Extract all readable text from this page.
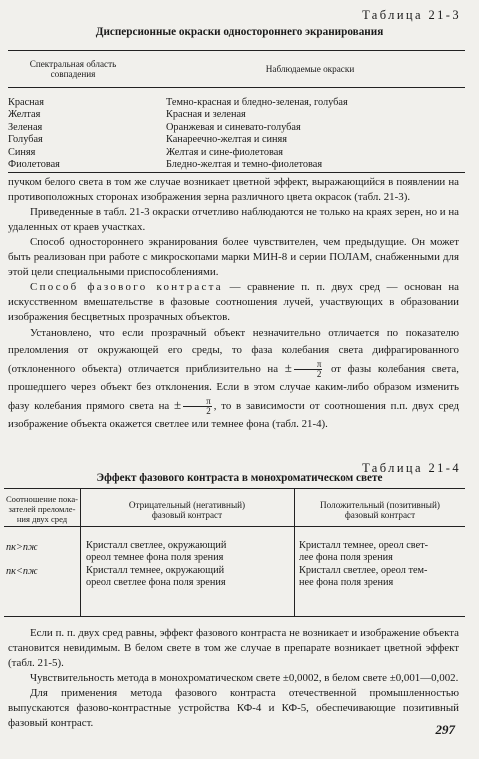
Таблица 21-3
Дисперсионные окраски одностороннего экранирования
Спектральная область
совпадения	Наблюдаемые окраски
Красная
Желтая
Зеленая
Голубая
Синяя
Фиолетовая
Темно-красная и бледно-зеленая, голубая
Красная и зеленая
Оранжевая и синевато-голубая
Канареечно-желтая и синяя
Желтая и сине-фиолетовая
Бледно-желтая и темно-фиолетовая

пучком белого света в том же случае возникает цветной эффект, выражающийся в появлении на противоположных сторонах изображения зерна различного цвета окрасок (табл. 21-3).

Приведенные в табл. 21-3 окраски отчетливо наблюдаются не только на краях зерен, но и на удаленных от краев участках.

Способ одностороннего экранирования более чувствителен, чем предыдущие. Он может быть реализован при работе с микроскопами марки МИН-8 и серии ПОЛАМ, снабженными для этой цели специальными приспособлениями.

Способ фазового контраста — сравнение п. п. двух сред — основан на искусственном вмешательстве в фазовые соотношения лучей, участвующих в образовании изображения бесцветных прозрачных объектов.

Установлено, что если прозрачный объект незначительно отличается по показателю преломления от окружающей его среды, то фаза колебания света дифрагированного (отклоненного объекта) отличается приблизительно на ± $\frac{\pi}{2}$ от фазы колебания света, прошедшего через объект без отклонения. Если в этом случае каким-либо образом изменить фазу колебания прямого света на ± $\frac{\pi}{2}$ , то в зависимости от соотношения п.п. двух сред изображение объекта окажется светлее или темнее фона (табл. 21-4).

Таблица 21-4
Эффект фазового контраста в монохроматическом свете
Соотношение пока-
зателей преломле-
ния двух сред
Отрицательный (негативный)
фазовый контраст
Положительный (позитивный)
фазовый контраст
nк>nж
nк<nж
Кристалл светлее, окружающий
ореол темнее фона поля зрения
Кристалл темнее, окружающий
ореол светлее фона поля зрения
Кристалл темнее, ореол свет-
лее фона поля зрения
Кристалл светлее, ореол тем-
нее фона поля зрения

Если п. п. двух сред равны, эффект фазового контраста не возникает и изображение объекта становится невидимым. В белом свете в том же случае в препарате возникает цветной эффект (табл. 21-5).

Чувствительность метода в монохроматическом свете ±0,0002, в белом свете ±0,001—0,002.

Для применения метода фазового контраста отечественной промышленностью выпускаются фазово-контрастные устройства КФ-4 и КФ-5, обеспечивающие позитивный фазовый контраст.	297
